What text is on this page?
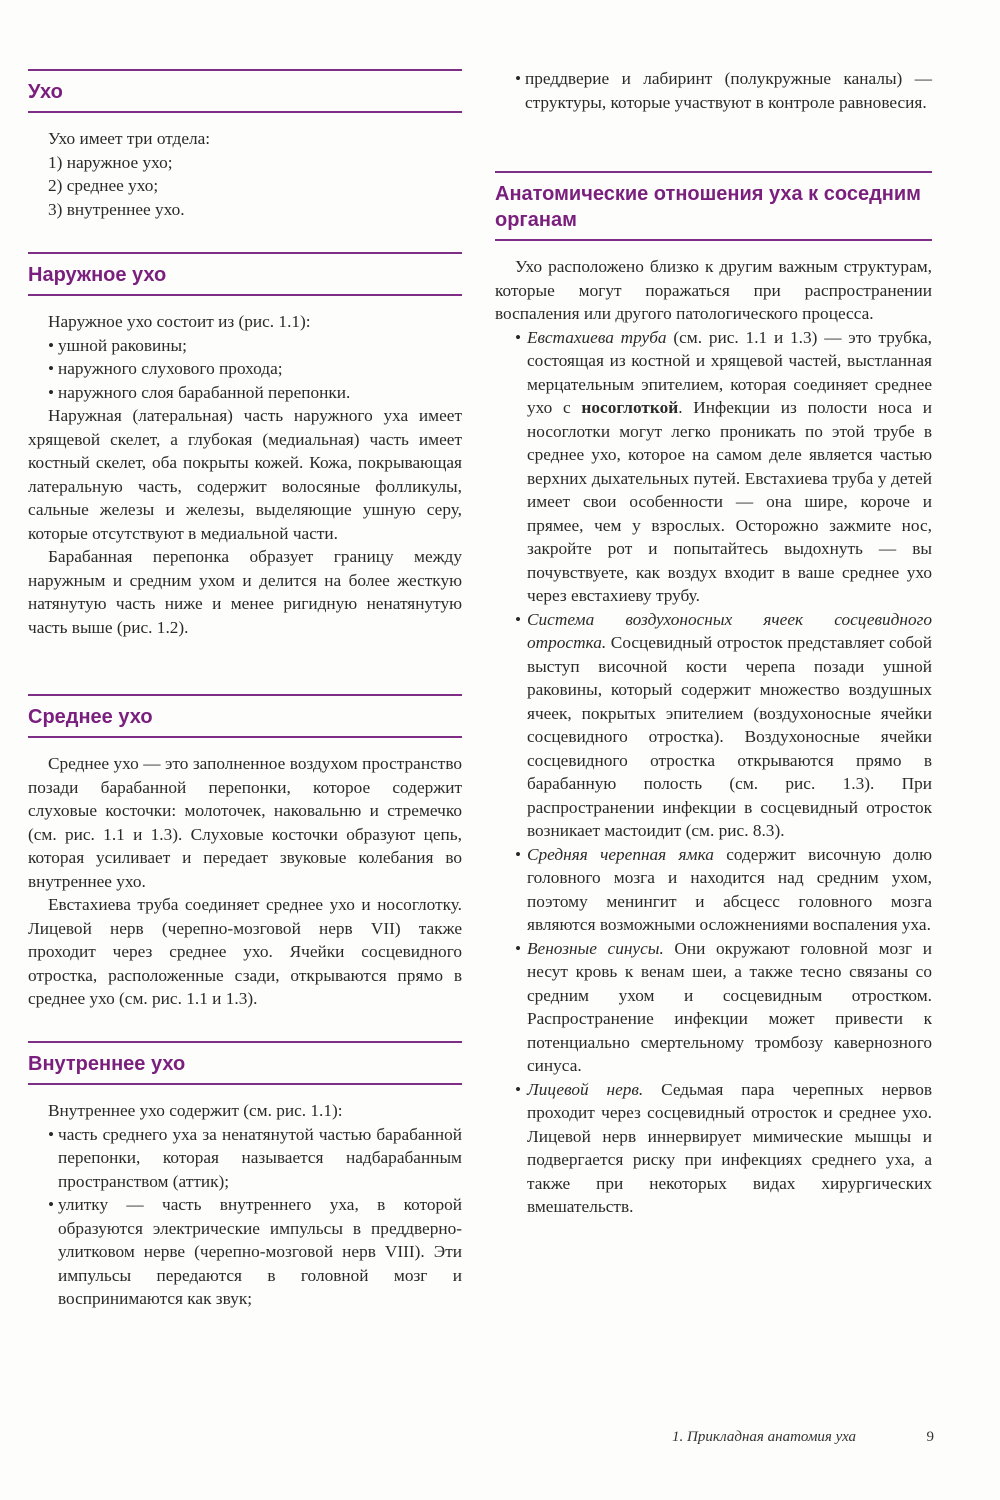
Ухо
Ухо имеет три отдела:
1) наружное ухо;
2) среднее ухо;
3) внутреннее ухо.
Наружное ухо
Наружное ухо состоит из (рис. 1.1):
• ушной раковины;
• наружного слухового прохода;
• наружного слоя барабанной перепонки.
Наружная (латеральная) часть наружного уха имеет хрящевой скелет, а глубокая (медиальная) часть имеет костный скелет, оба покрыты кожей. Кожа, покрывающая латеральную часть, содержит волосяные фолликулы, сальные железы и железы, выделяющие ушную серу, которые отсутствуют в медиальной части.
Барабанная перепонка образует границу между наружным и средним ухом и делится на более жесткую натянутую часть ниже и менее ригидную ненатянутую часть выше (рис. 1.2).
Среднее ухо
Среднее ухо — это заполненное воздухом пространство позади барабанной перепонки, которое содержит слуховые косточки: молоточек, наковальню и стремечко (см. рис. 1.1 и 1.3). Слуховые косточки образуют цепь, которая усиливает и передает звуковые колебания во внутреннее ухо.
Евстахиева труба соединяет среднее ухо и носоглотку. Лицевой нерв (черепно-мозговой нерв VII) также проходит через среднее ухо. Ячейки сосцевидного отростка, расположенные сзади, открываются прямо в среднее ухо (см. рис. 1.1 и 1.3).
Внутреннее ухо
Внутреннее ухо содержит (см. рис. 1.1):
• часть среднего уха за ненатянутой частью барабанной перепонки, которая называется надбарабанным пространством (аттик);
• улитку — часть внутреннего уха, в которой образуются электрические импульсы в преддверно-улитковом нерве (черепно-мозговой нерв VIII). Эти импульсы передаются в головной мозг и воспринимаются как звук;
• преддверие и лабиринт (полукружные каналы) — структуры, которые участвуют в контроле равновесия.
Анатомические отношения уха к соседним органам
Ухо расположено близко к другим важным структурам, которые могут поражаться при распространении воспаления или другого патологического процесса.
• Евстахиева труба (см. рис. 1.1 и 1.3) — это трубка, состоящая из костной и хрящевой частей, выстланная мерцательным эпителием, которая соединяет среднее ухо с носоглоткой. Инфекции из полости носа и носоглотки могут легко проникать по этой трубе в среднее ухо, которое на самом деле является частью верхних дыхательных путей. Евстахиева труба у детей имеет свои особенности — она шире, короче и прямее, чем у взрослых. Осторожно зажмите нос, закройте рот и попытайтесь выдохнуть — вы почувствуете, как воздух входит в ваше среднее ухо через евстахиеву трубу.
• Система воздухоносных ячеек сосцевидного отростка. Сосцевидный отросток представляет собой выступ височной кости черепа позади ушной раковины, который содержит множество воздушных ячеек, покрытых эпителием (воздухоносные ячейки сосцевидного отростка). Воздухоносные ячейки сосцевидного отростка открываются прямо в барабанную полость (см. рис. 1.3). При распространении инфекции в сосцевидный отросток возникает мастоидит (см. рис. 8.3).
• Средняя черепная ямка содержит височную долю головного мозга и находится над средним ухом, поэтому менингит и абсцесс головного мозга являются возможными осложнениями воспаления уха.
• Венозные синусы. Они окружают головной мозг и несут кровь к венам шеи, а также тесно связаны со средним ухом и сосцевидным отростком. Распространение инфекции может привести к потенциально смертельному тромбозу кавернозного синуса.
• Лицевой нерв. Седьмая пара черепных нервов проходит через сосцевидный отросток и среднее ухо. Лицевой нерв иннервирует мимические мышцы и подвергается риску при инфекциях среднего уха, а также при некоторых видах хирургических вмешательств.
1. Прикладная анатомия уха	9
